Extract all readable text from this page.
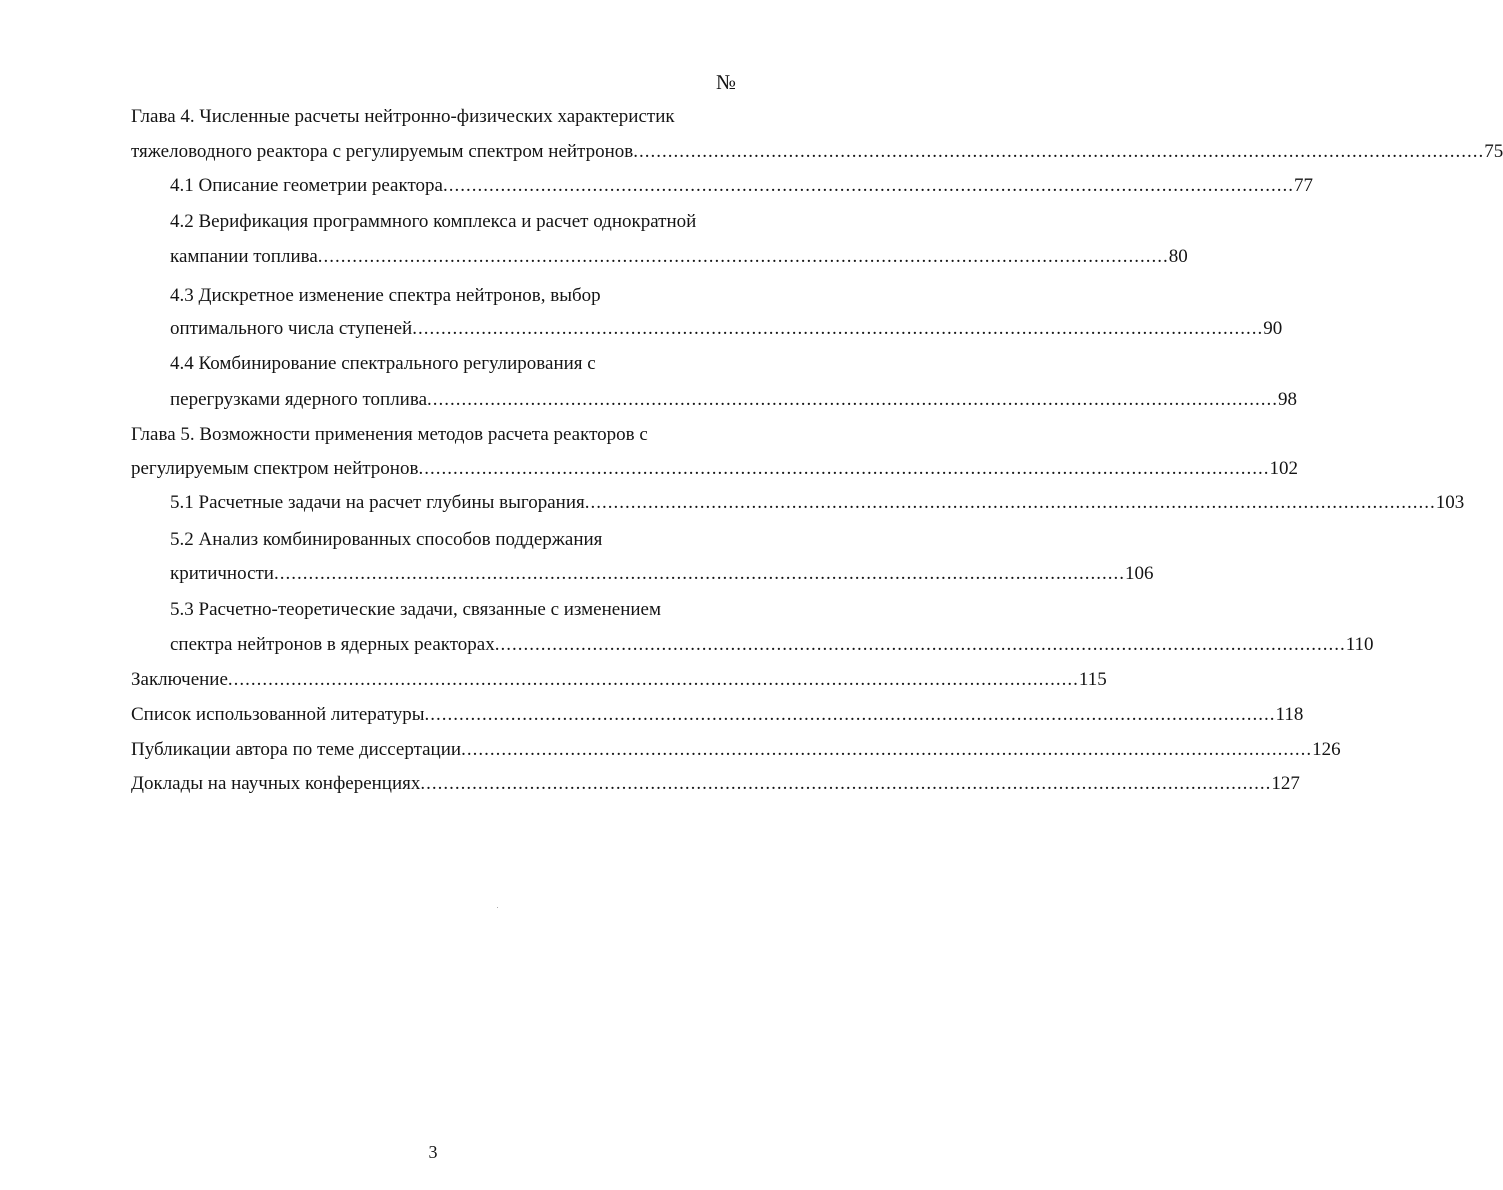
№
Глава 4. Численные расчеты нейтронно-физических характеристик
тяжеловодного реактора с регулируемым спектром нейтронов .................................................................................................................................................... 75
4.1 Описание геометрии реактора .................................................................................................................................................... 77
4.2 Верификация программного комплекса и расчет однократной
кампании топлива .................................................................................................................................................... 80
4.3 Дискретное изменение спектра нейтронов, выбор
оптимального числа ступеней .................................................................................................................................................... 90
4.4 Комбинирование спектрального регулирования с
перегрузками ядерного топлива .................................................................................................................................................... 98
Глава 5. Возможности применения методов расчета реакторов с
регулируемым спектром нейтронов .................................................................................................................................................... 102
5.1 Расчетные задачи на расчет глубины выгорания .................................................................................................................................................... 103
5.2 Анализ комбинированных способов поддержания
критичности .................................................................................................................................................... 106
5.3 Расчетно-теоретические задачи, связанные с изменением
спектра нейтронов в ядерных реакторах .................................................................................................................................................... 110
Заключение .................................................................................................................................................... 115
Список использованной литературы .................................................................................................................................................... 118
Публикации автора по теме диссертации .................................................................................................................................................... 126
Доклады на научных конференциях .................................................................................................................................................... 127
3
